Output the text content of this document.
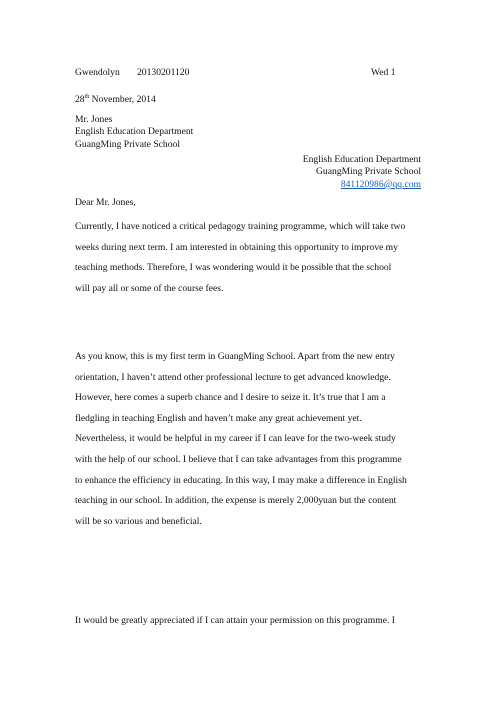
Gwendolyn 20130201120	Wed 1
28th November, 2014
Mr. Jones
English Education Department
GuangMing Private School
English Education Department
GuangMing Private School
841120986@qq.com
Dear Mr. Jones,
Currently, I have noticed a critical pedagogy training programme, which will take two
weeks during next term. I am interested in obtaining this opportunity to improve my
teaching methods. Therefore, I was wondering would it be possible that the school
will pay all or some of the course fees.
As you know, this is my first term in GuangMing School. Apart from the new entry
orientation, I haven’t attend other professional lecture to get advanced knowledge.
However, here comes a superb chance and I desire to seize it. It’s true that I am a
fledgling in teaching English and haven’t make any great achievement yet.
Nevertheless, it would be helpful in my career if I can leave for the two-week study
with the help of our school. I believe that I can take advantages from this programme
to enhance the efficiency in educating. In this way, I may make a difference in English
teaching in our school. In addition, the expense is merely 2,000yuan but the content
will be so various and beneficial.
It would be greatly appreciated if I can attain your permission on this programme. I
